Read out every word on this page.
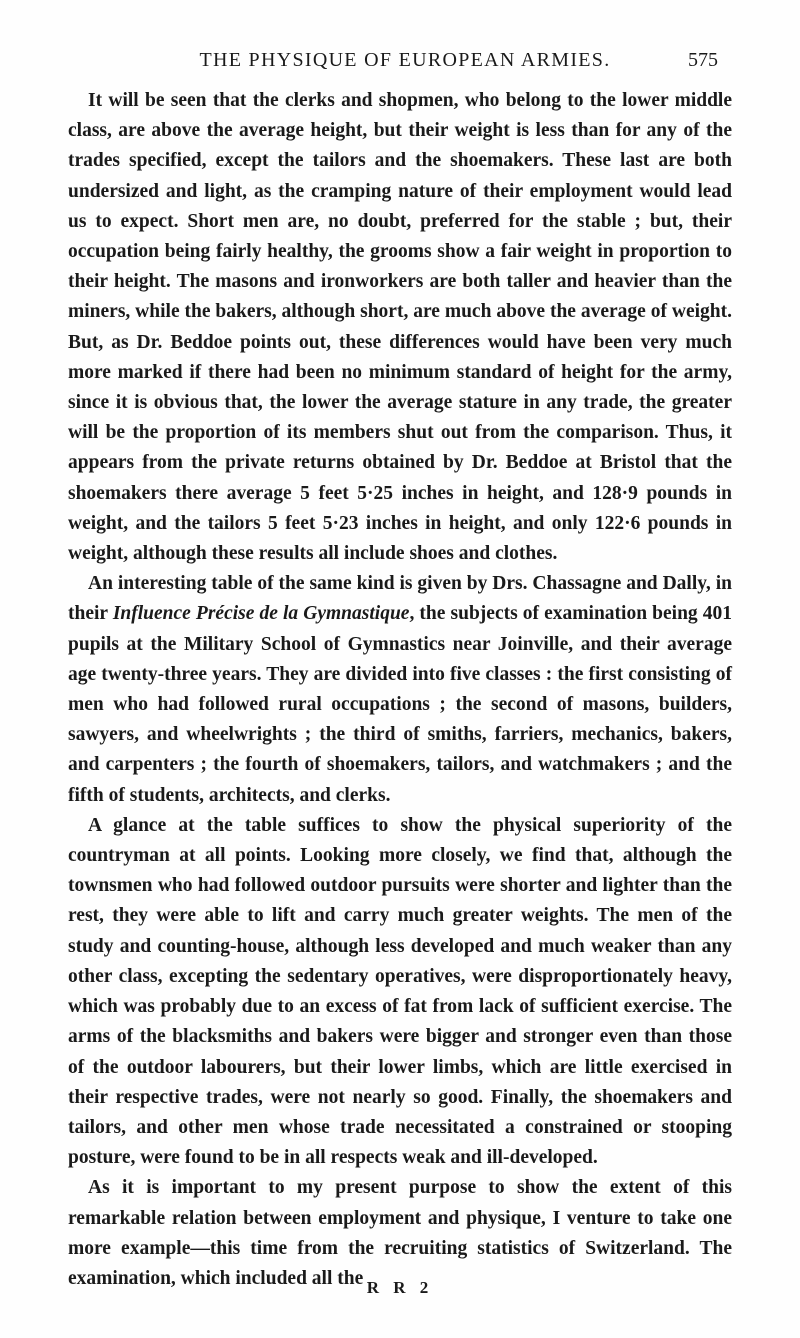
THE PHYSIQUE OF EUROPEAN ARMIES.	575

It will be seen that the clerks and shopmen, who belong to the lower middle class, are above the average height, but their weight is less than for any of the trades specified, except the tailors and the shoemakers. These last are both undersized and light, as the cramping nature of their employment would lead us to expect. Short men are, no doubt, preferred for the stable ; but, their occupation being fairly healthy, the grooms show a fair weight in proportion to their height. The masons and ironworkers are both taller and heavier than the miners, while the bakers, although short, are much above the average of weight. But, as Dr. Beddoe points out, these differences would have been very much more marked if there had been no minimum standard of height for the army, since it is obvious that, the lower the average stature in any trade, the greater will be the proportion of its members shut out from the comparison. Thus, it appears from the private returns obtained by Dr. Beddoe at Bristol that the shoemakers there average 5 feet 5·25 inches in height, and 128·9 pounds in weight, and the tailors 5 feet 5·23 inches in height, and only 122·6 pounds in weight, although these results all include shoes and clothes.

An interesting table of the same kind is given by Drs. Chassagne and Dally, in their Influence Précise de la Gymnastique, the subjects of examination being 401 pupils at the Military School of Gymnastics near Joinville, and their average age twenty-three years. They are divided into five classes : the first consisting of men who had followed rural occupations ; the second of masons, builders, sawyers, and wheelwrights ; the third of smiths, farriers, mechanics, bakers, and carpenters ; the fourth of shoemakers, tailors, and watchmakers ; and the fifth of students, architects, and clerks.

A glance at the table suffices to show the physical superiority of the countryman at all points. Looking more closely, we find that, although the townsmen who had followed outdoor pursuits were shorter and lighter than the rest, they were able to lift and carry much greater weights. The men of the study and counting-house, although less developed and much weaker than any other class, excepting the sedentary operatives, were disproportionately heavy, which was probably due to an excess of fat from lack of sufficient exercise. The arms of the blacksmiths and bakers were bigger and stronger even than those of the outdoor labourers, but their lower limbs, which are little exercised in their respective trades, were not nearly so good. Finally, the shoemakers and tailors, and other men whose trade necessitated a constrained or stooping posture, were found to be in all respects weak and ill-developed.

As it is important to my present purpose to show the extent of this remarkable relation between employment and physique, I venture to take one more example—this time from the recruiting statistics of Switzerland. The examination, which included all the R R 2
